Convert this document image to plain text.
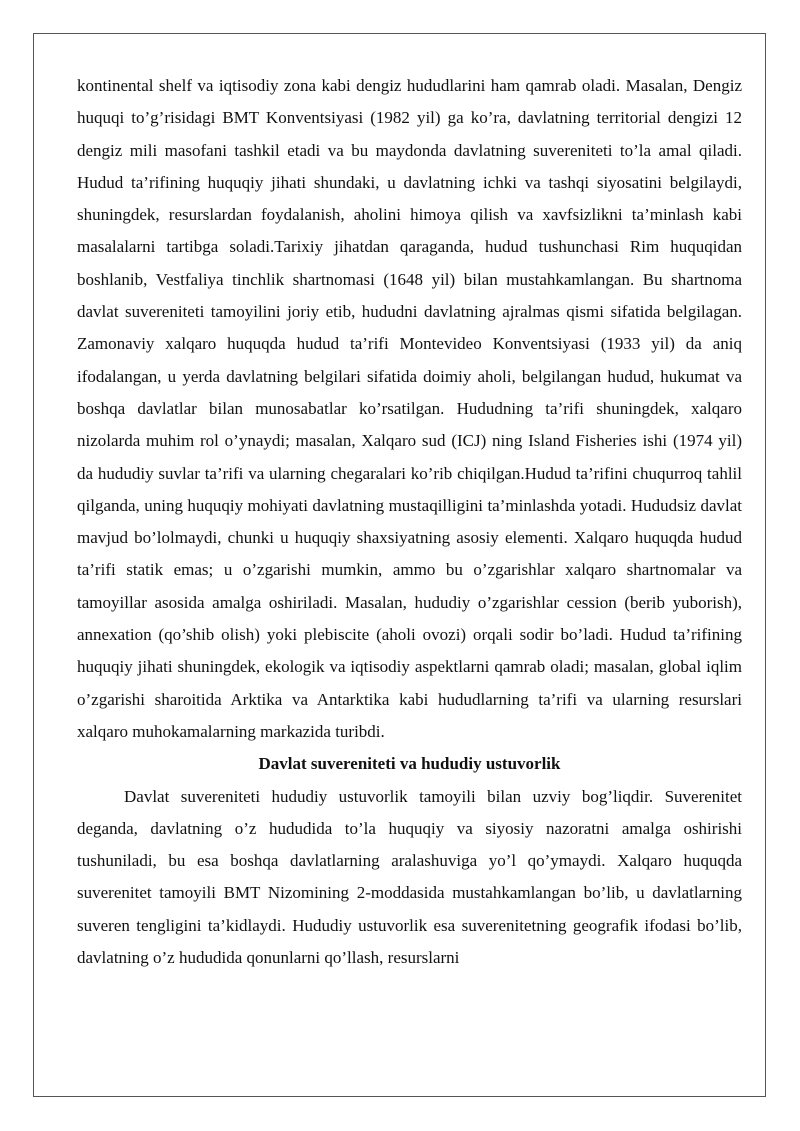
kontinental shelf va iqtisodiy zona kabi dengiz hududlarini ham qamrab oladi. Masalan, Dengiz huquqi to’g’risidagi BMT Konventsiyasi (1982 yil) ga ko’ra, davlatning territorial dengizi 12 dengiz mili masofani tashkil etadi va bu maydonda davlatning suvereniteti to’la amal qiladi. Hudud ta’rifining huquqiy jihati shundaki, u davlatning ichki va tashqi siyosatini belgilaydi, shuningdek, resurslardan foydalanish, aholini himoya qilish va xavfsizlikni ta’minlash kabi masalalarni tartibga soladi.Tarixiy jihatdan qaraganda, hudud tushunchasi Rim huquqidan boshlanib, Vestfaliya tinchlik shartnomasi (1648 yil) bilan mustahkamlangan. Bu shartnoma davlat suvereniteti tamoyilini joriy etib, hududni davlatning ajralmas qismi sifatida belgilagan. Zamonaviy xalqaro huquqda hudud ta’rifi Montevideo Konventsiyasi (1933 yil) da aniq ifodalangan, u yerda davlatning belgilari sifatida doimiy aholi, belgilangan hudud, hukumat va boshqa davlatlar bilan munosabatlar ko’rsatilgan. Hududning ta’rifi shuningdek, xalqaro nizolarda muhim rol o’ynaydi; masalan, Xalqaro sud (ICJ) ning Island Fisheries ishi (1974 yil) da hududiy suvlar ta’rifi va ularning chegaralari ko’rib chiqilgan.Hudud ta’rifini chuqurroq tahlil qilganda, uning huquqiy mohiyati davlatning mustaqilligini ta’minlashda yotadi. Hududsiz davlat mavjud bo’lolmaydi, chunki u huquqiy shaxsiyatning asosiy elementi. Xalqaro huquqda hudud ta’rifi statik emas; u o’zgarishi mumkin, ammo bu o’zgarishlar xalqaro shartnomalar va tamoyillar asosida amalga oshiriladi. Masalan, hududiy o’zgarishlar cession (berib yuborish), annexation (qo’shib olish) yoki plebiscite (aholi ovozi) orqali sodir bo’ladi. Hudud ta’rifining huquqiy jihati shuningdek, ekologik va iqtisodiy aspektlarni qamrab oladi; masalan, global iqlim o’zgarishi sharoitida Arktika va Antarktika kabi hududlarning ta’rifi va ularning resurslari xalqaro muhokamalarning markazida turibdi.

Davlat suvereniteti va hududiy ustuvorlik

Davlat suvereniteti hududiy ustuvorlik tamoyili bilan uzviy bog’liqdir. Suverenitet deganda, davlatning o’z hududida to’la huquqiy va siyosiy nazoratni amalga oshirishi tushuniladi, bu esa boshqa davlatlarning aralashuviga yo’l qo’ymaydi. Xalqaro huquqda suverenitet tamoyili BMT Nizomining 2-moddasida mustahkamlangan bo’lib, u davlatlarning suveren tengligini ta’kidlaydi. Hududiy ustuvorlik esa suverenitetning geografik ifodasi bo’lib, davlatning o’z hududida qonunlarni qo’llash, resurslarni
